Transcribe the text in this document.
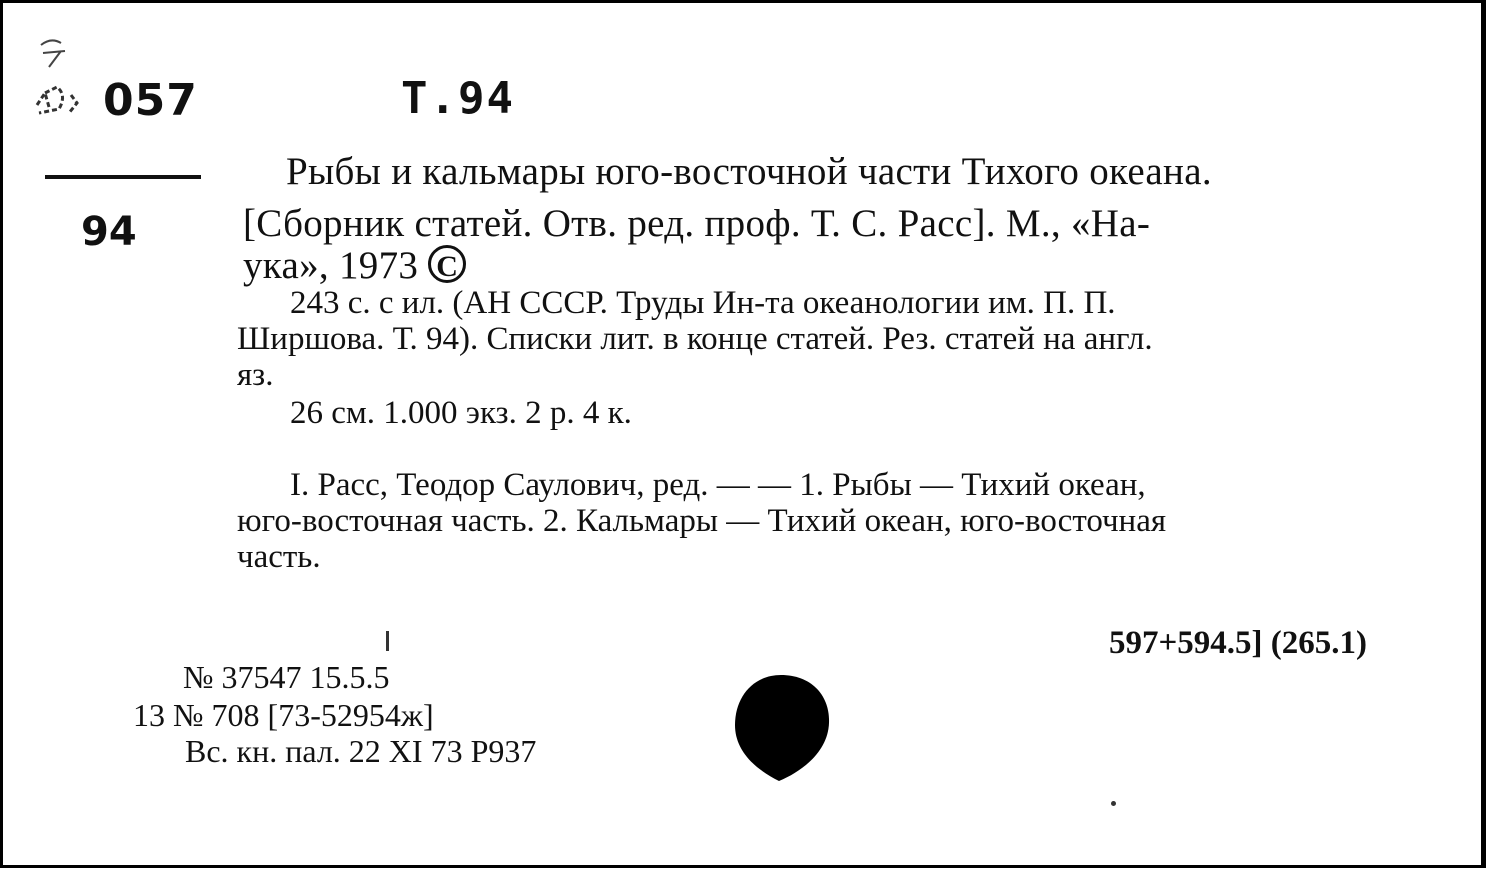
057	Т.94
94
Рыбы и кальмары юго-восточной части Тихого океана.
[Сборник статей. Отв. ред. проф. Т. С. Расс]. М., «На-
ука», 1973 C
243 с. с ил. (АН СССР. Труды Ин-та океанологии им. П. П.
Ширшова. Т. 94). Списки лит. в конце статей. Рез. статей на англ.
яз.
26 см. 1.000 экз. 2 р. 4 к.
I. Расс, Теодор Саулович, ред. — — 1. Рыбы — Тихий океан,
юго-восточная часть. 2. Кальмары — Тихий океан, юго-восточная
часть.
597+594.5] (265.1)
№ 37547 15.5.5
13 № 708 [73-52954ж]
Вс. кн. пал. 22 XI 73 Р937
